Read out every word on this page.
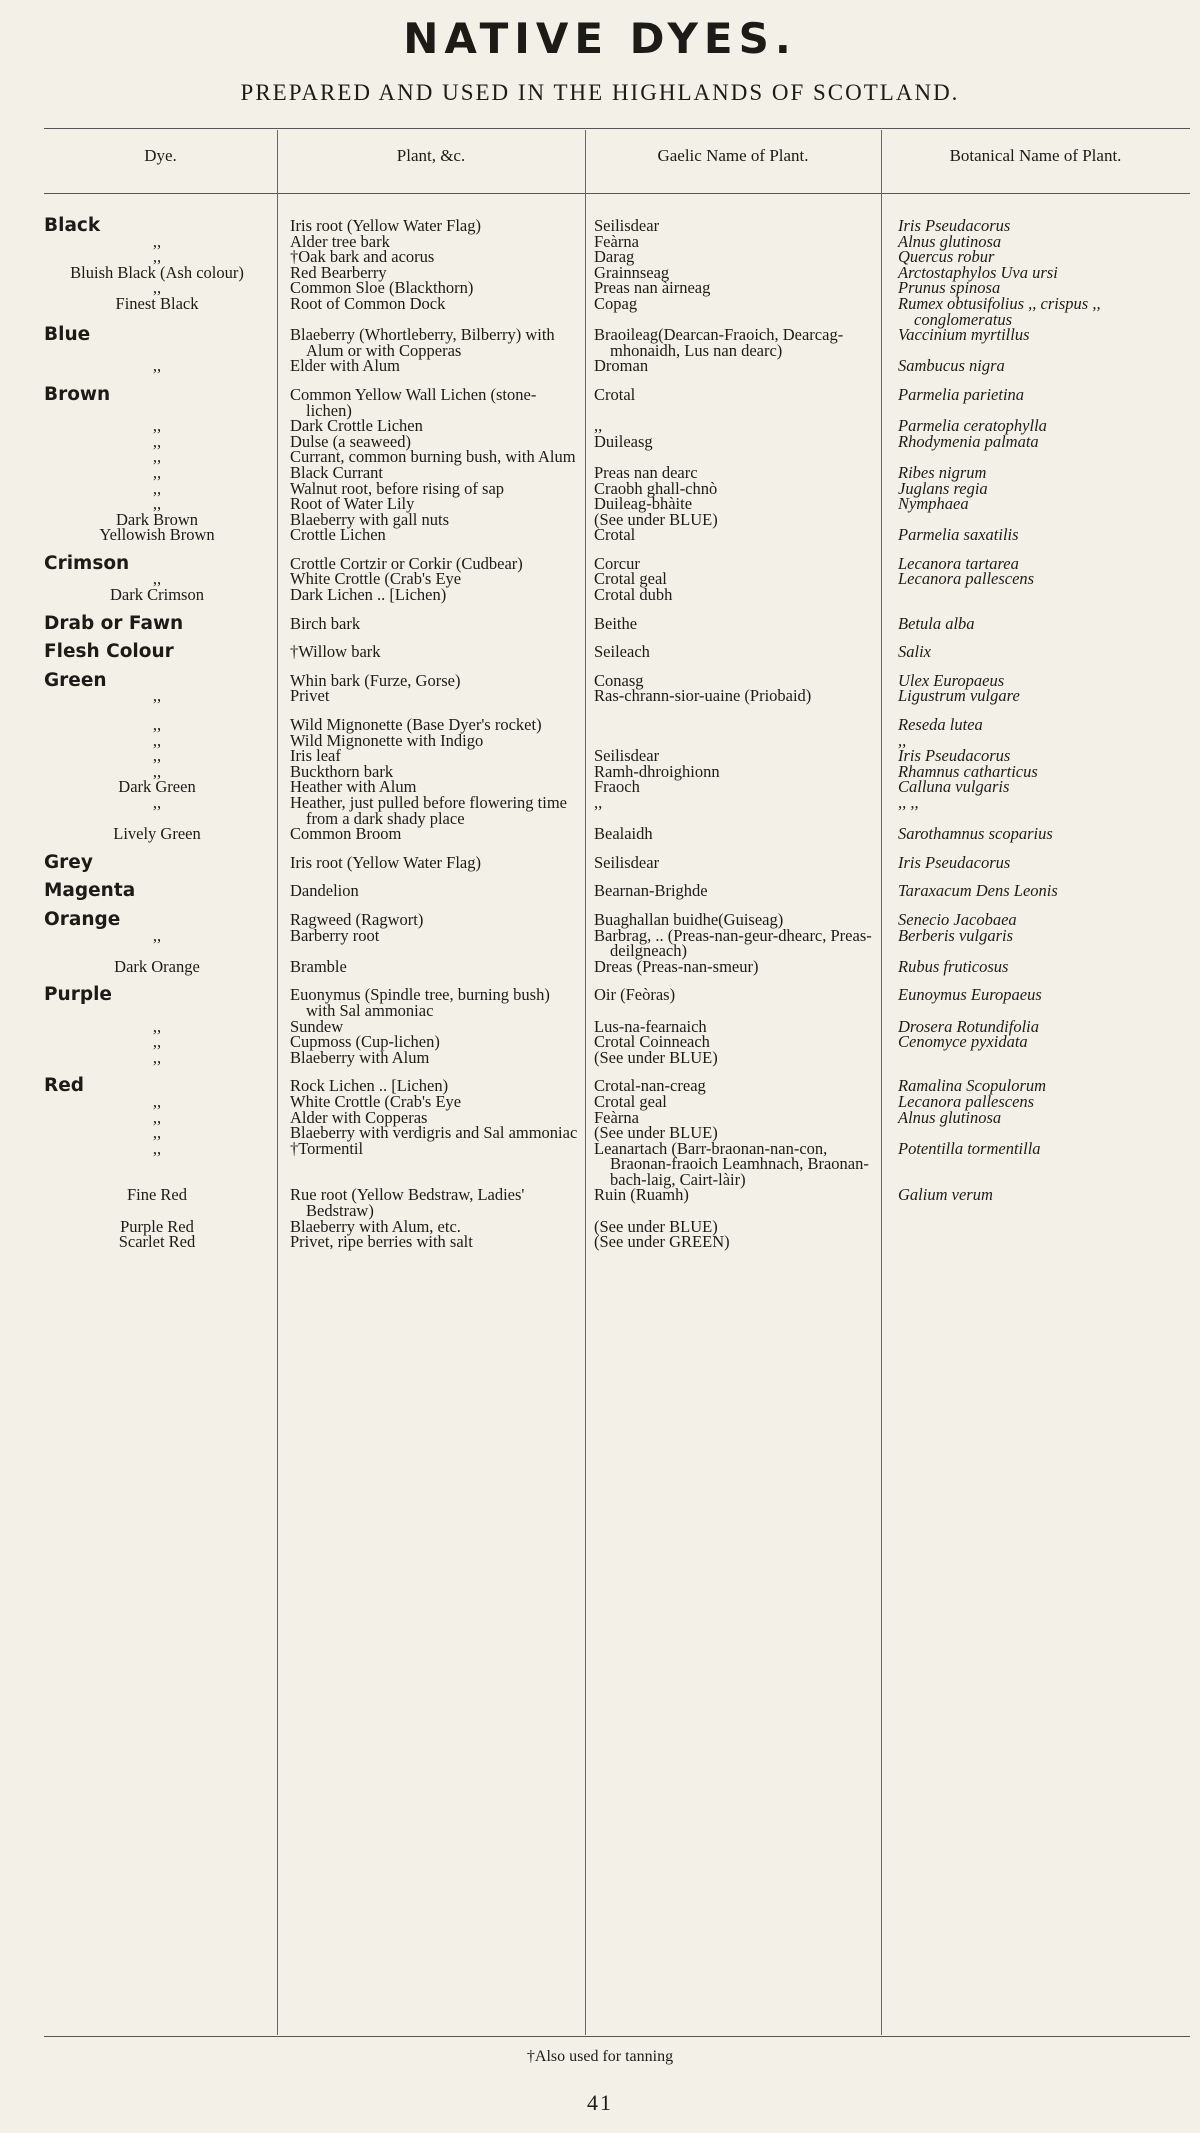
NATIVE DYES.
PREPARED AND USED IN THE HIGHLANDS OF SCOTLAND.
Dye.	Plant, &c.	Gaelic Name of Plant.	Botanical Name of Plant.
Black	Iris root (Yellow Water Flag)	Seilisdear	Iris Pseudacorus

,,	Alder tree bark	Feàrna	Alnus glutinosa

,,	†Oak bark and acorus	Darag	Quercus robur

Bluish Black (Ash colour)	Red Bearberry	Grainnseag	Arctostaphylos Uva ursi

,,	Common Sloe (Blackthorn)	Preas nan àirneag	Prunus spinosa

Finest Black	Root of Common Dock	Copag	Rumex obtusifolius ,, crispus ,, conglomeratus

Blue	Blaeberry (Whortleberry, Bilberry) with Alum or with Copperas	Braoileag(Dearcan-Fraoich, Dearcag-mhonaidh, Lus nan dearc)	Vaccinium myrtillus

,,	Elder with Alum	Droman	Sambucus nigra

Brown	Common Yellow Wall Lichen (stone-lichen)	Crotal	Parmelia parietina

,,	Dark Crottle Lichen	,,	Parmelia ceratophylla

,,	Dulse (a seaweed)	Duileasg	Rhodymenia palmata

,,	Currant, common burning bush, with Alum		

,,	Black Currant	Preas nan dearc	Ribes nigrum

,,	Walnut root, before rising of sap	Craobh ghall-chnò	Juglans regia

,,	Root of Water Lily	Duileag-bhàite	Nymphaea

Dark Brown	Blaeberry with gall nuts	(See under BLUE)	

Yellowish Brown	Crottle Lichen	Crotal	Parmelia saxatilis

Crimson	Crottle Cortzir or Corkir (Cudbear)	Corcur	Lecanora tartarea

,,	White Crottle (Crab's Eye	Crotal geal	Lecanora pallescens

Dark Crimson	Dark Lichen .. [Lichen)	Crotal dubh	

Drab or Fawn	Birch bark	Beithe	Betula alba

Flesh Colour	†Willow bark	Seileach	Salix

Green	Whin bark (Furze, Gorse)	Conasg	Ulex Europaeus

,,	Privet	Ras-chrann-sior-uaine (Priobaid)	Ligustrum vulgare

,,	Wild Mignonette (Base Dyer's rocket)		Reseda lutea

,,	Wild Mignonette with Indigo		,,

,,	Iris leaf	Seilisdear	Iris Pseudacorus

,,	Buckthorn bark	Ramh-dhroighionn	Rhamnus catharticus

Dark Green	Heather with Alum	Fraoch	Calluna vulgaris

,,	Heather, just pulled before flowering time from a dark shady place	,,	,, ,,

Lively Green	Common Broom	Bealaidh	Sarothamnus scoparius

Grey	Iris root (Yellow Water Flag)	Seilisdear	Iris Pseudacorus

Magenta	Dandelion	Bearnan-Brighde	Taraxacum Dens Leonis

Orange	Ragweed (Ragwort)	Buaghallan buidhe(Guiseag)	Senecio Jacobaea

,,	Barberry root	Barbrag, .. (Preas-nan-geur-dhearc, Preas-deilgneach)	Berberis vulgaris

Dark Orange	Bramble	Dreas (Preas-nan-smeur)	Rubus fruticosus

Purple	Euonymus (Spindle tree, burning bush) with Sal ammoniac	Oir (Feòras)	Eunoymus Europaeus

,,	Sundew	Lus-na-fearnaich	Drosera Rotundifolia

,,	Cupmoss (Cup-lichen)	Crotal Coinneach	Cenomyce pyxidata

,,	Blaeberry with Alum	(See under BLUE)	

Red	Rock Lichen .. [Lichen)	Crotal-nan-creag	Ramalina Scopulorum

,,	White Crottle (Crab's Eye	Crotal geal	Lecanora pallescens

,,	Alder with Copperas	Feàrna	Alnus glutinosa

,,	Blaeberry with verdigris and Sal ammoniac	(See under BLUE)	

,,	†Tormentil	Leanartach (Barr-braonan-nan-con, Braonan-fraoich Leamhnach, Braonan-bach-laig, Cairt-làir)	Potentilla tormentilla

Fine Red	Rue root (Yellow Bedstraw, Ladies' Bedstraw)	Ruin (Ruamh)	Galium verum

Purple Red	Blaeberry with Alum, etc.	(See under BLUE)	

Scarlet Red	Privet, ripe berries with salt	(See under GREEN)	

†Also used for tanning
41
